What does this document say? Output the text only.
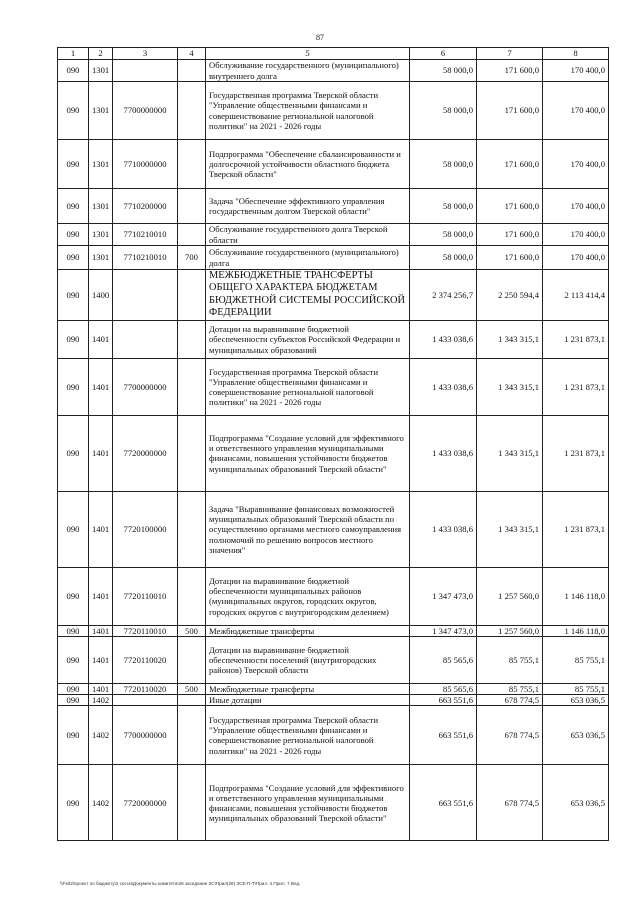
87
1	2	3	4	5	6	7	8
090	1301			Обслуживание государственного (муниципального) внутреннего долга	58 000,0	171 600,0	170 400,0
090	1301	7700000000		Государственная программа Тверской области "Управление общественными финансами и совершенствование региональной налоговой политики" на 2021 - 2026 годы	58 000,0	171 600,0	170 400,0
090	1301	7710000000		Подпрограмма "Обеспечение сбалансированности и долгосрочной устойчивости областного бюджета Тверской области"	58 000,0	171 600,0	170 400,0
090	1301	7710200000		Задача "Обеспечение эффективного управления государственным долгом Тверской области"	58 000,0	171 600,0	170 400,0
090	1301	7710210010		Обслуживание государственного долга Тверской области	58 000,0	171 600,0	170 400,0
090	1301	7710210010	700	Обслуживание государственного (муниципального) долга	58 000,0	171 600,0	170 400,0
090	1400			МЕЖБЮДЖЕТНЫЕ ТРАНСФЕРТЫ ОБЩЕГО ХАРАКТЕРА БЮДЖЕТАМ БЮДЖЕТНОЙ СИСТЕМЫ РОССИЙСКОЙ ФЕДЕРАЦИИ	2 374 256,7	2 250 594,4	2 113 414,4
090	1401			Дотации на выравнивание бюджетной обеспеченности субъектов Российской Федерации и муниципальных образований	1 433 038,6	1 343 315,1	1 231 873,1
090	1401	7700000000		Государственная программа Тверской области "Управление общественными финансами и совершенствование региональной налоговой политики" на 2021 - 2026 годы	1 433 038,6	1 343 315,1	1 231 873,1
090	1401	7720000000		Подпрограмма "Создание условий для эффективного и ответственного управления муниципальными финансами, повышения устойчивости бюджетов муниципальных образований Тверской области"	1 433 038,6	1 343 315,1	1 231 873,1
090	1401	7720100000		Задача "Выравнивание финансовых возможностей муниципальных образований Тверской области по осуществлению органами местного самоуправления полномочий по решению вопросов местного значения"	1 433 038,6	1 343 315,1	1 231 873,1
090	1401	7720110010		Дотации на выравнивание бюджетной обеспеченности муниципальных районов (муниципальных округов, городских округов, городских округов с внутригородским делением)	1 347 473,0	1 257 560,0	1 146 118,0
090	1401	7720110010	500	Межбюджетные трансферты	1 347 473,0	1 257 560,0	1 146 118,0
090	1401	7720110020		Дотации на выравнивание бюджетной обеспеченности поселений (внутригородских районов) Тверской области	85 565,6	85 755,1	85 755,1
090	1401	7720110020	500	Межбюджетные трансферты	85 565,6	85 755,1	85 755,1
090	1402			Иные дотации	663 551,6	678 774,5	653 036,5
090	1402	7700000000		Государственная программа Тверской области "Управление общественными финансами и совершенствование региональной налоговой политики" на 2021 - 2026 годы	663 551,6	678 774,5	653 036,5
090	1402	7720000000		Подпрограмма "Создание условий для эффективного и ответственного управления муниципальными финансами, повышения устойчивости бюджетов муниципальных образований Тверской области"	663 551,6	678 774,5	653 036,5
\\Fs02\проект по бюджету\2 сесси\Документы комитета\28 заседание ЗС\Прил(28) ЗСЕ-П-Т\Прил. 4 Прил. 7 Вед.
